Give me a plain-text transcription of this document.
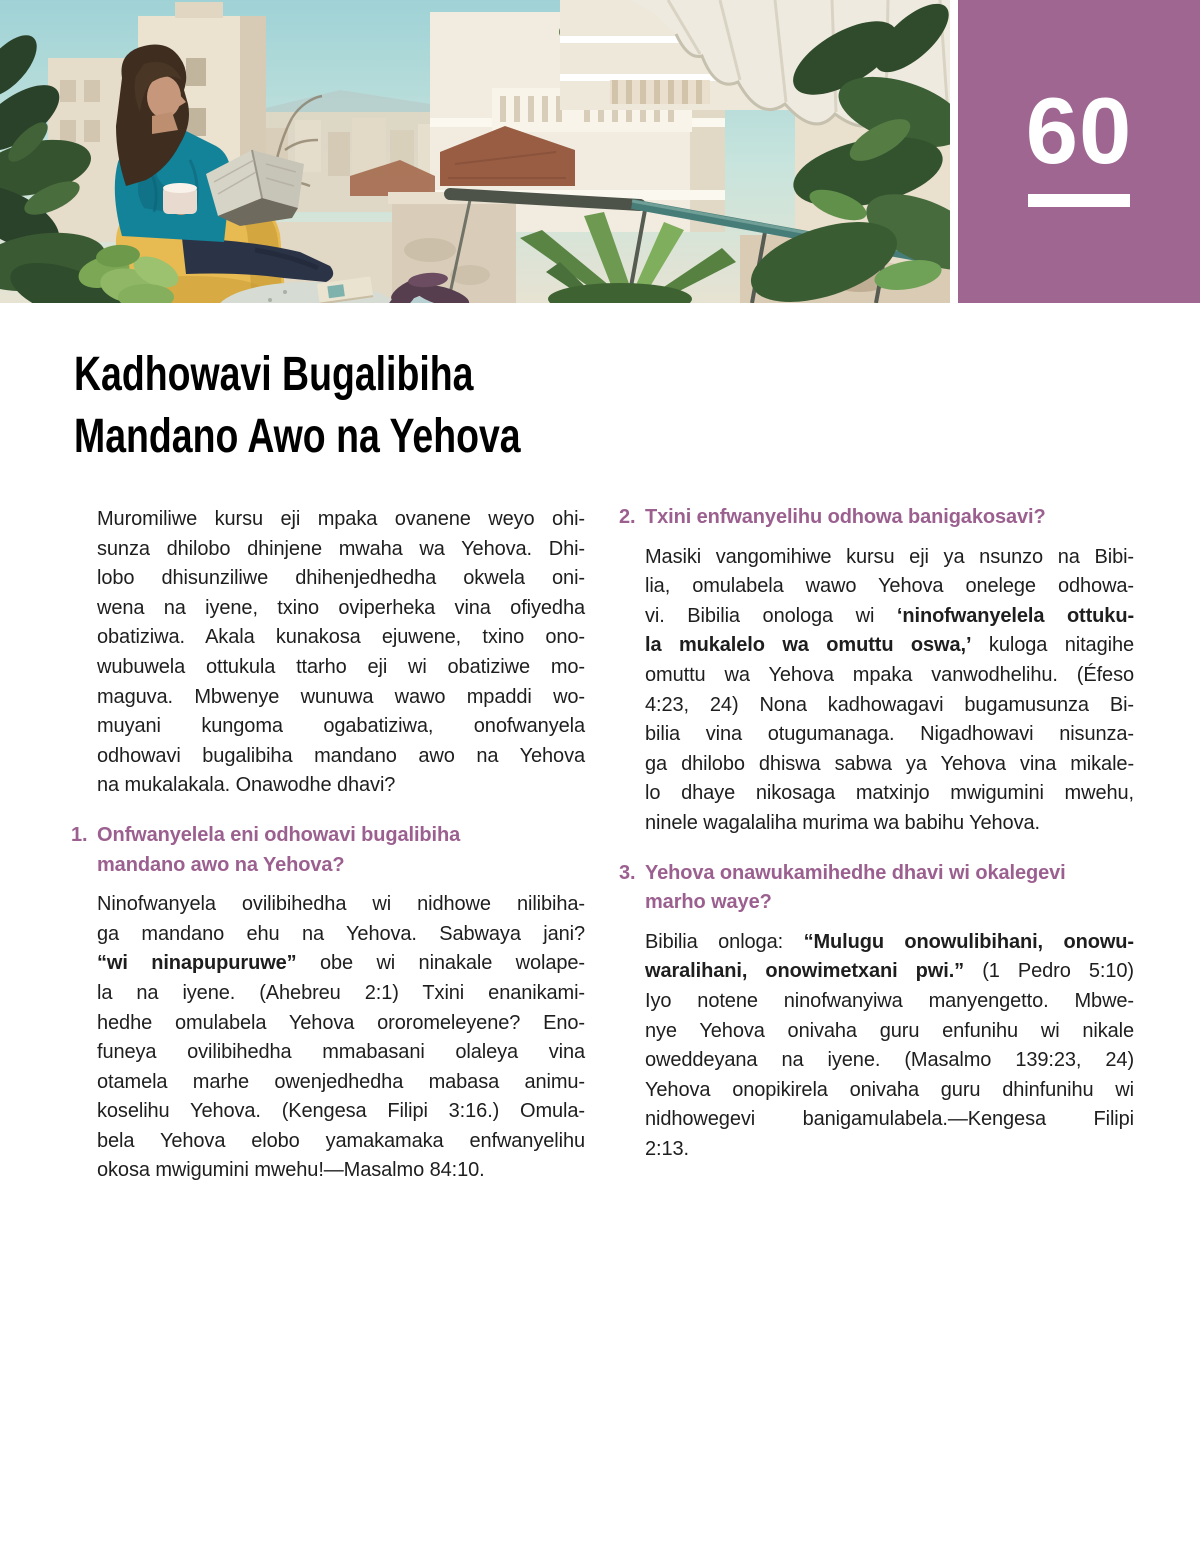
60
Kadhowavi Bugalibiha
Mandano Awo na Yehova
Muromiliwe kursu eji mpaka ovanene weyo ohi-
sunza dhilobo dhinjene mwaha wa Yehova. Dhi-
lobo dhisunziliwe dhihenjedhedha okwela oni-
wena na iyene, txino oviperheka vina ofiyedha
obatiziwa. Akala kunakosa ejuwene, txino ono-
wubuwela ottukula ttarho eji wi obatiziwe mo-
maguva. Mbwenye wunuwa wawo mpaddi wo-
muyani kungoma ogabatiziwa, onofwanyela
odhowavi bugalibiha mandano awo na Yehova
na mukalakala. Onawodhe dhavi?
1. Onfwanyelela eni odhowavi bugalibiha
mandano awo na Yehova?
Ninofwanyela ovilibihedha wi nidhowe nilibiha-
ga mandano ehu na Yehova. Sabwaya jani?
“wi ninapupuruwe” obe wi ninakale wolape-
la na iyene. (Ahebreu 2:1) Txini enanikami-
hedhe omulabela Yehova ororomeleyene? Eno-
funeya ovilibihedha mmabasani olaleya vina
otamela marhe owenjedhedha mabasa animu-
koselihu Yehova. (Kengesa Filipi 3:16.) Omula-
bela Yehova elobo yamakamaka enfwanyelihu
okosa mwigumini mwehu!—Masalmo 84:10.
2. Txini enfwanyelihu odhowa banigakosavi?
Masiki vangomihiwe kursu eji ya nsunzo na Bibi-
lia, omulabela wawo Yehova onelege odhowa-
vi. Bibilia onologa wi ‘ninofwanyelela ottuku-
la mukalelo wa omuttu oswa,’ kuloga nitagihe
omuttu wa Yehova mpaka vanwodhelihu. (Éfeso
4:23, 24) Nona kadhowagavi bugamusunza Bi-
bilia vina otugumanaga. Nigadhowavi nisunza-
ga dhilobo dhiswa sabwa ya Yehova vina mikale-
lo dhaye nikosaga matxinjo mwigumini mwehu,
ninele wagalaliha murima wa babihu Yehova.
3. Yehova onawukamihedhe dhavi wi okalegevi
marho waye?
Bibilia onloga: “Mulugu onowulibihani, onowu-
waralihani, onowimetxani pwi.” (1 Pedro 5:10)
Iyo notene ninofwanyiwa manyengetto. Mbwe-
nye Yehova onivaha guru enfunihu wi nikale
oweddeyana na iyene. (Masalmo 139:23, 24)
Yehova onopikirela onivaha guru dhinfunihu wi
nidhowegevi banigamulabela.—Kengesa Filipi
2:13.
